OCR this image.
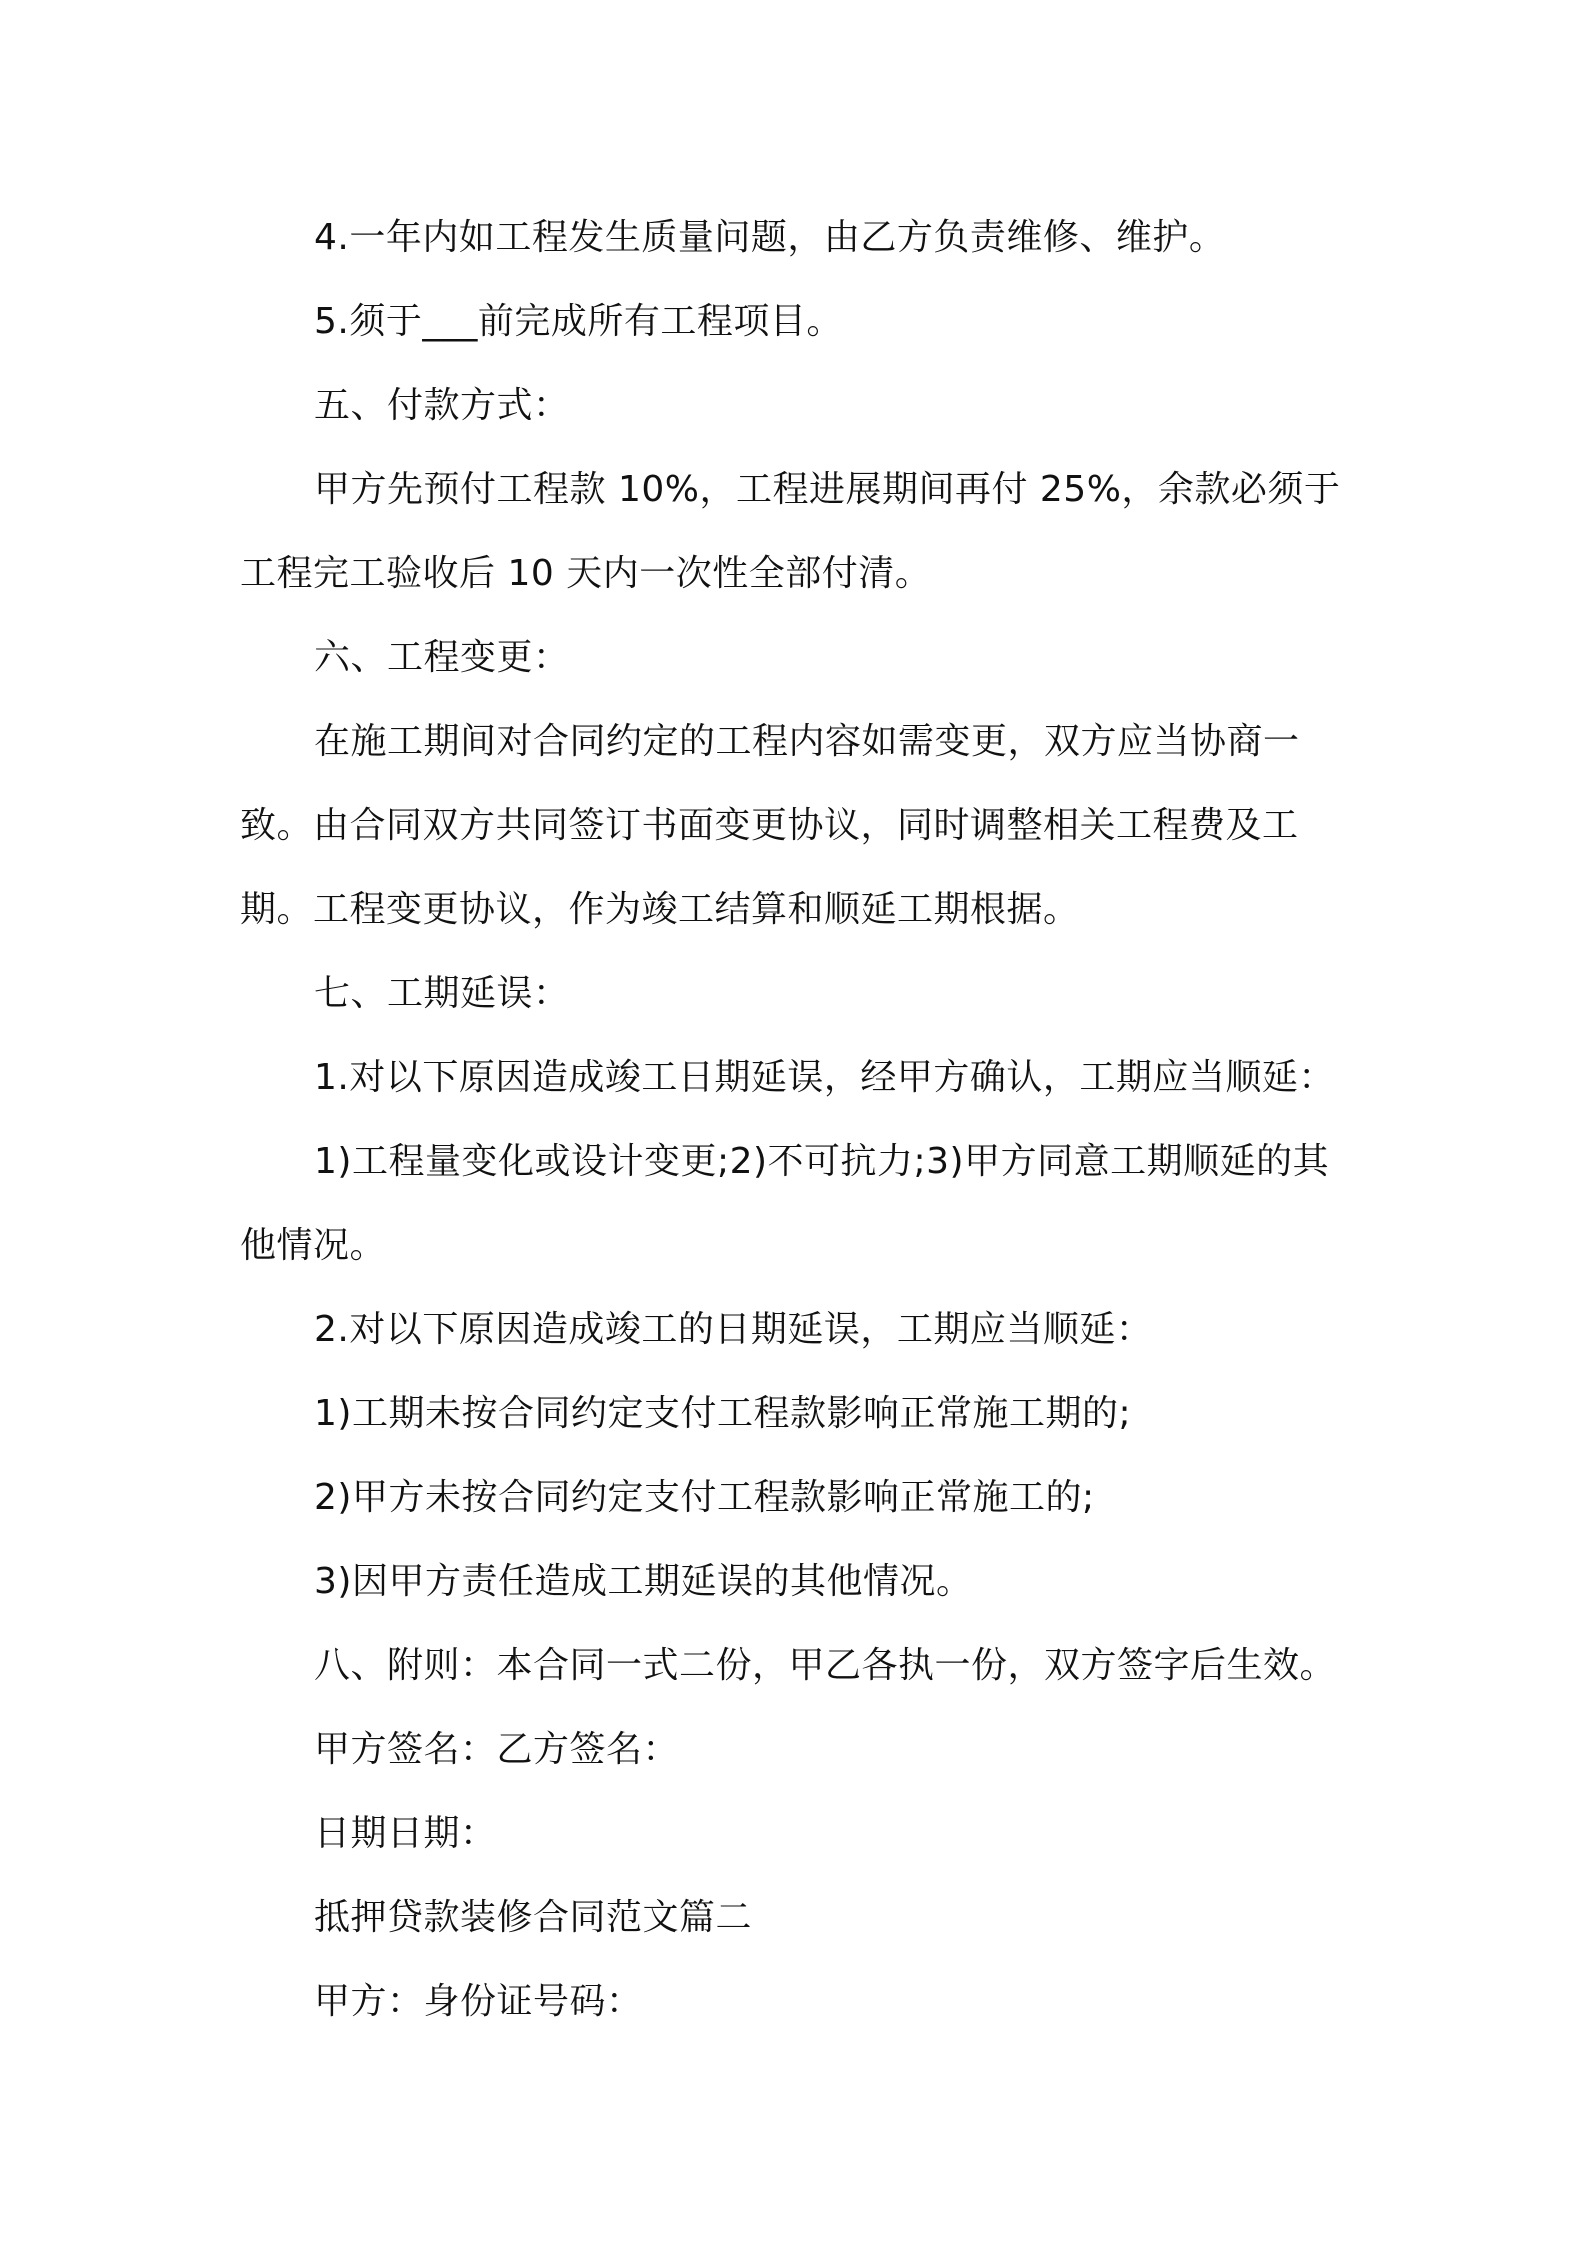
4.一年内如工程发生质量问题，由乙方负责维修、维护。

5.须于___前完成所有工程项目。

五、付款方式：

甲方先预付工程款 10%，工程进展期间再付 25%，余款必须于工程完工验收后 10 天内一次性全部付清。

六、工程变更：

在施工期间对合同约定的工程内容如需变更，双方应当协商一致。由合同双方共同签订书面变更协议，同时调整相关工程费及工期。工程变更协议，作为竣工结算和顺延工期根据。

七、工期延误：

1.对以下原因造成竣工日期延误，经甲方确认，工期应当顺延：

1)工程量变化或设计变更;2)不可抗力;3)甲方同意工期顺延的其他情况。

2.对以下原因造成竣工的日期延误，工期应当顺延：

1)工期未按合同约定支付工程款影响正常施工期的;

2)甲方未按合同约定支付工程款影响正常施工的;

3)因甲方责任造成工期延误的其他情况。

八、附则：本合同一式二份，甲乙各执一份，双方签字后生效。

甲方签名：乙方签名：

日期日期：

抵押贷款装修合同范文篇二

甲方：身份证号码：
